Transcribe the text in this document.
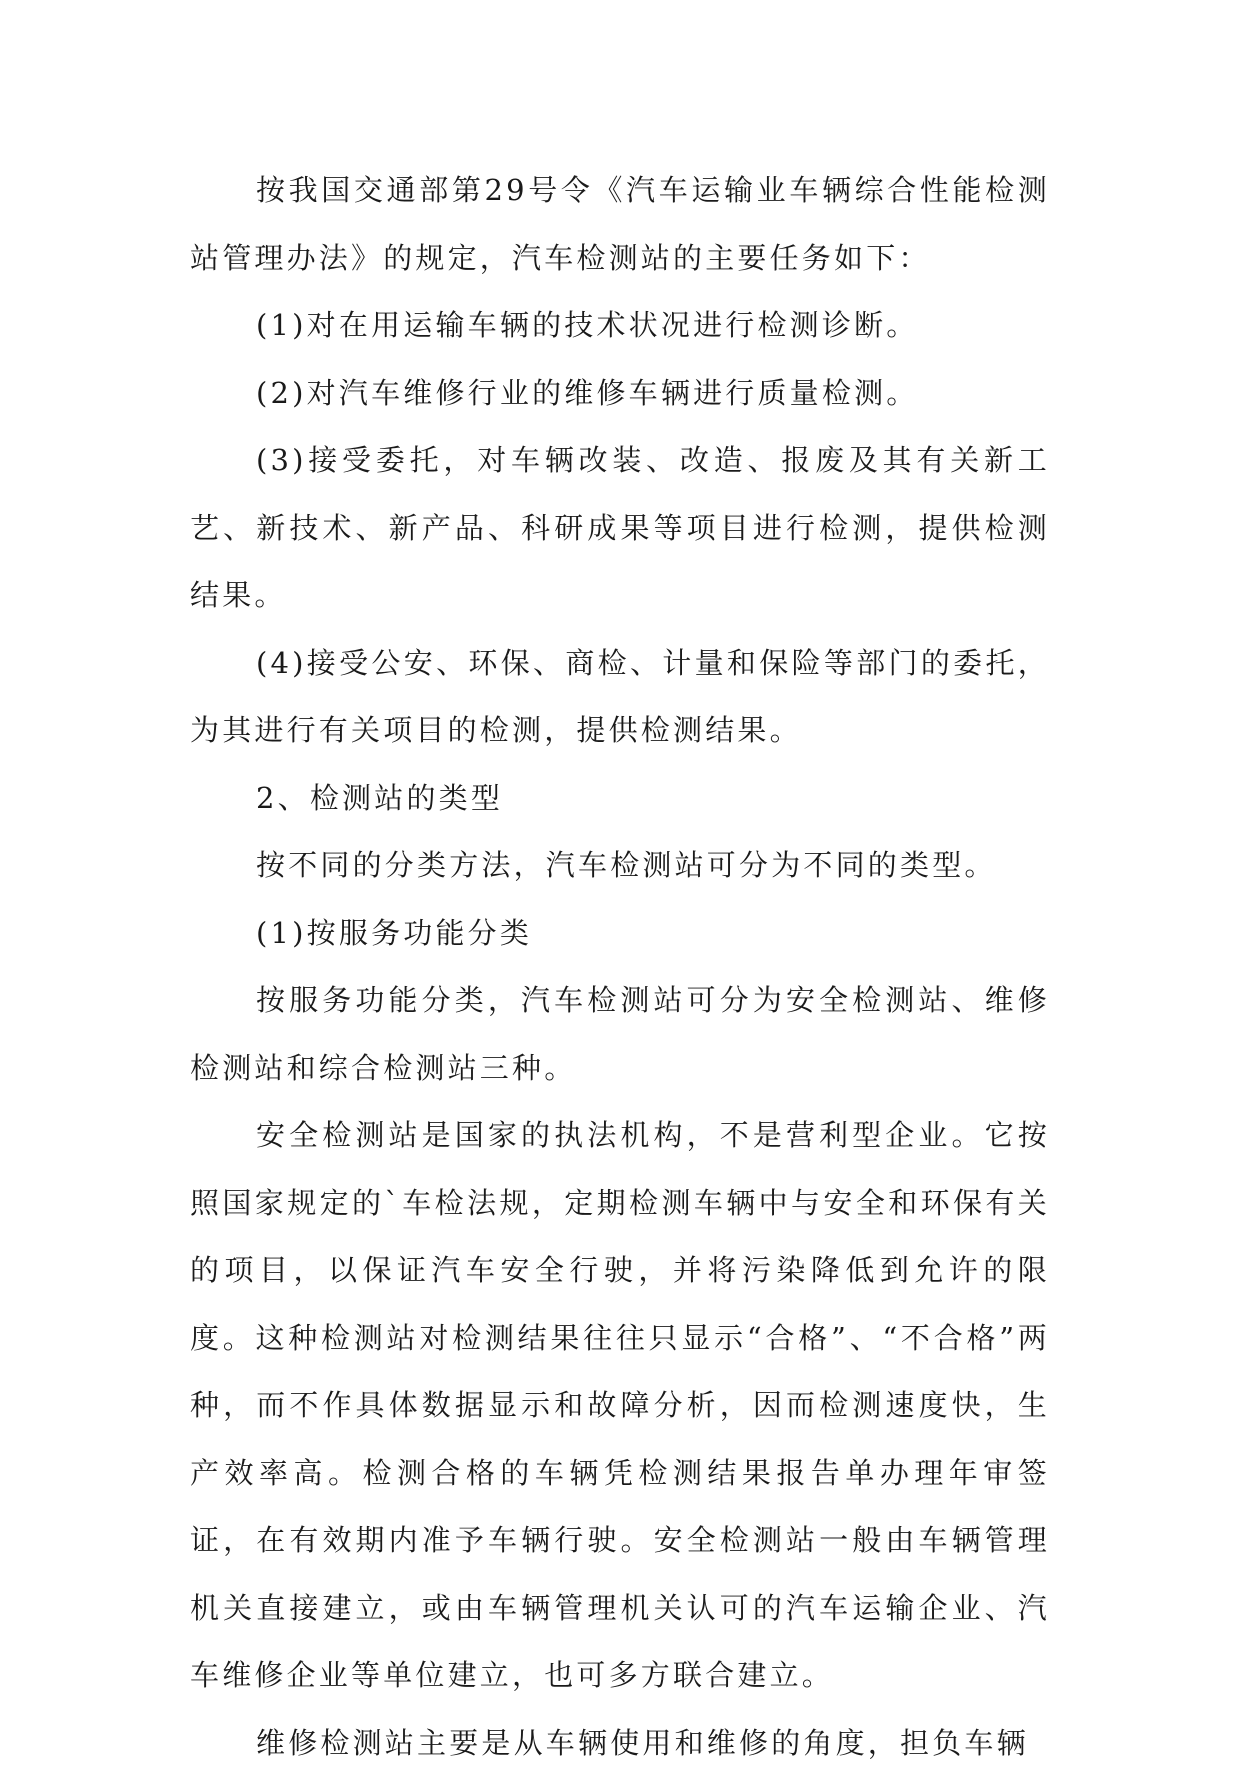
按我国交通部第29号令《汽车运输业车辆综合性能检测站管理办法》的规定，汽车检测站的主要任务如下：

(1)对在用运输车辆的技术状况进行检测诊断。

(2)对汽车维修行业的维修车辆进行质量检测。

(3)接受委托，对车辆改装、改造、报废及其有关新工艺、新技术、新产品、科研成果等项目进行检测，提供检测结果。

(4)接受公安、环保、商检、计量和保险等部门的委托，为其进行有关项目的检测，提供检测结果。

2、检测站的类型

按不同的分类方法，汽车检测站可分为不同的类型。

(1)按服务功能分类

按服务功能分类，汽车检测站可分为安全检测站、维修检测站和综合检测站三种。

安全检测站是国家的执法机构，不是营利型企业。它按照国家规定的`车检法规，定期检测车辆中与安全和环保有关的项目，以保证汽车安全行驶，并将污染降低到允许的限度。这种检测站对检测结果往往只显示“合格”、“不合格”两种，而不作具体数据显示和故障分析，因而检测速度快，生产效率高。检测合格的车辆凭检测结果报告单办理年审签证，在有效期内准予车辆行驶。安全检测站一般由车辆管理机关直接建立，或由车辆管理机关认可的汽车运输企业、汽车维修企业等单位建立，也可多方联合建立。

维修检测站主要是从车辆使用和维修的角度，担负车辆
